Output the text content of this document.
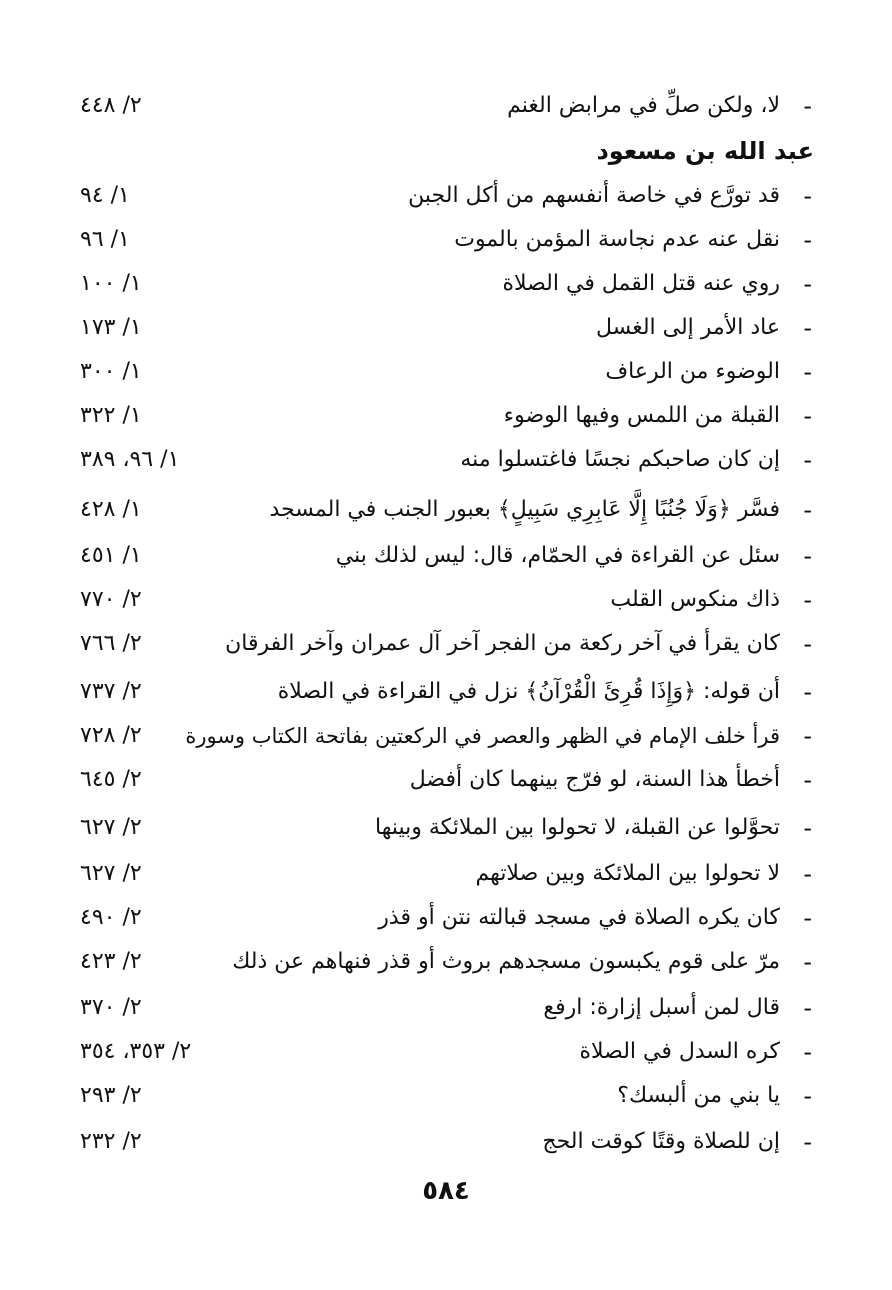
-
لا، ولكن صلِّ في مرابض الغنم
٢/ ٤٤٨
عبد الله بن مسعود
-
قد تورَّع في خاصة أنفسهم من أكل الجبن
١/ ٩٤
-
نقل عنه عدم نجاسة المؤمن بالموت
١/ ٩٦
-
روي عنه قتل القمل في الصلاة
١/ ١٠٠
-
عاد الأمر إلى الغسل
١/ ١٧٣
-
الوضوء من الرعاف
١/ ٣٠٠
-
القبلة من اللمس وفيها الوضوء
١/ ٣٢٢
-
إن كان صاحبكم نجسًا فاغتسلوا منه
١/ ٩٦، ٣٨٩
-
فسَّر ﴿وَلَا جُنُبًا إِلَّا عَابِرِي سَبِيلٍ﴾ بعبور الجنب في المسجد
١/ ٤٢٨
-
سئل عن القراءة في الحمّام، قال: ليس لذلك بني
١/ ٤٥١
-
ذاك منكوس القلب
٢/ ٧٧٠
-
كان يقرأ في آخر ركعة من الفجر آخر آل عمران وآخر الفرقان
٢/ ٧٦٦
-
أن قوله: ﴿وَإِذَا قُرِئَ الْقُرْآنُ﴾ نزل في القراءة في الصلاة
٢/ ٧٣٧
-
قرأ خلف الإمام في الظهر والعصر في الركعتين بفاتحة الكتاب وسورة
٢/ ٧٢٨
-
أخطأ هذا السنة، لو فرّج بينهما كان أفضل
٢/ ٦٤٥
-
تحوَّلوا عن القبلة، لا تحولوا بين الملائكة وبينها
٢/ ٦٢٧
-
لا تحولوا بين الملائكة وبين صلاتهم
٢/ ٦٢٧
-
كان يكره الصلاة في مسجد قبالته نتن أو قذر
٢/ ٤٩٠
-
مرّ على قوم يكبسون مسجدهم بروث أو قذر فنهاهم عن ذلك
٢/ ٤٢٣
-
قال لمن أسبل إزارة: ارفع
٢/ ٣٧٠
-
كره السدل في الصلاة
٢/ ٣٥٣، ٣٥٤
-
يا بني من ألبسك؟
٢/ ٢٩٣
-
إن للصلاة وقتًا كوقت الحج
٢/ ٢٣٢
٥٨٤
